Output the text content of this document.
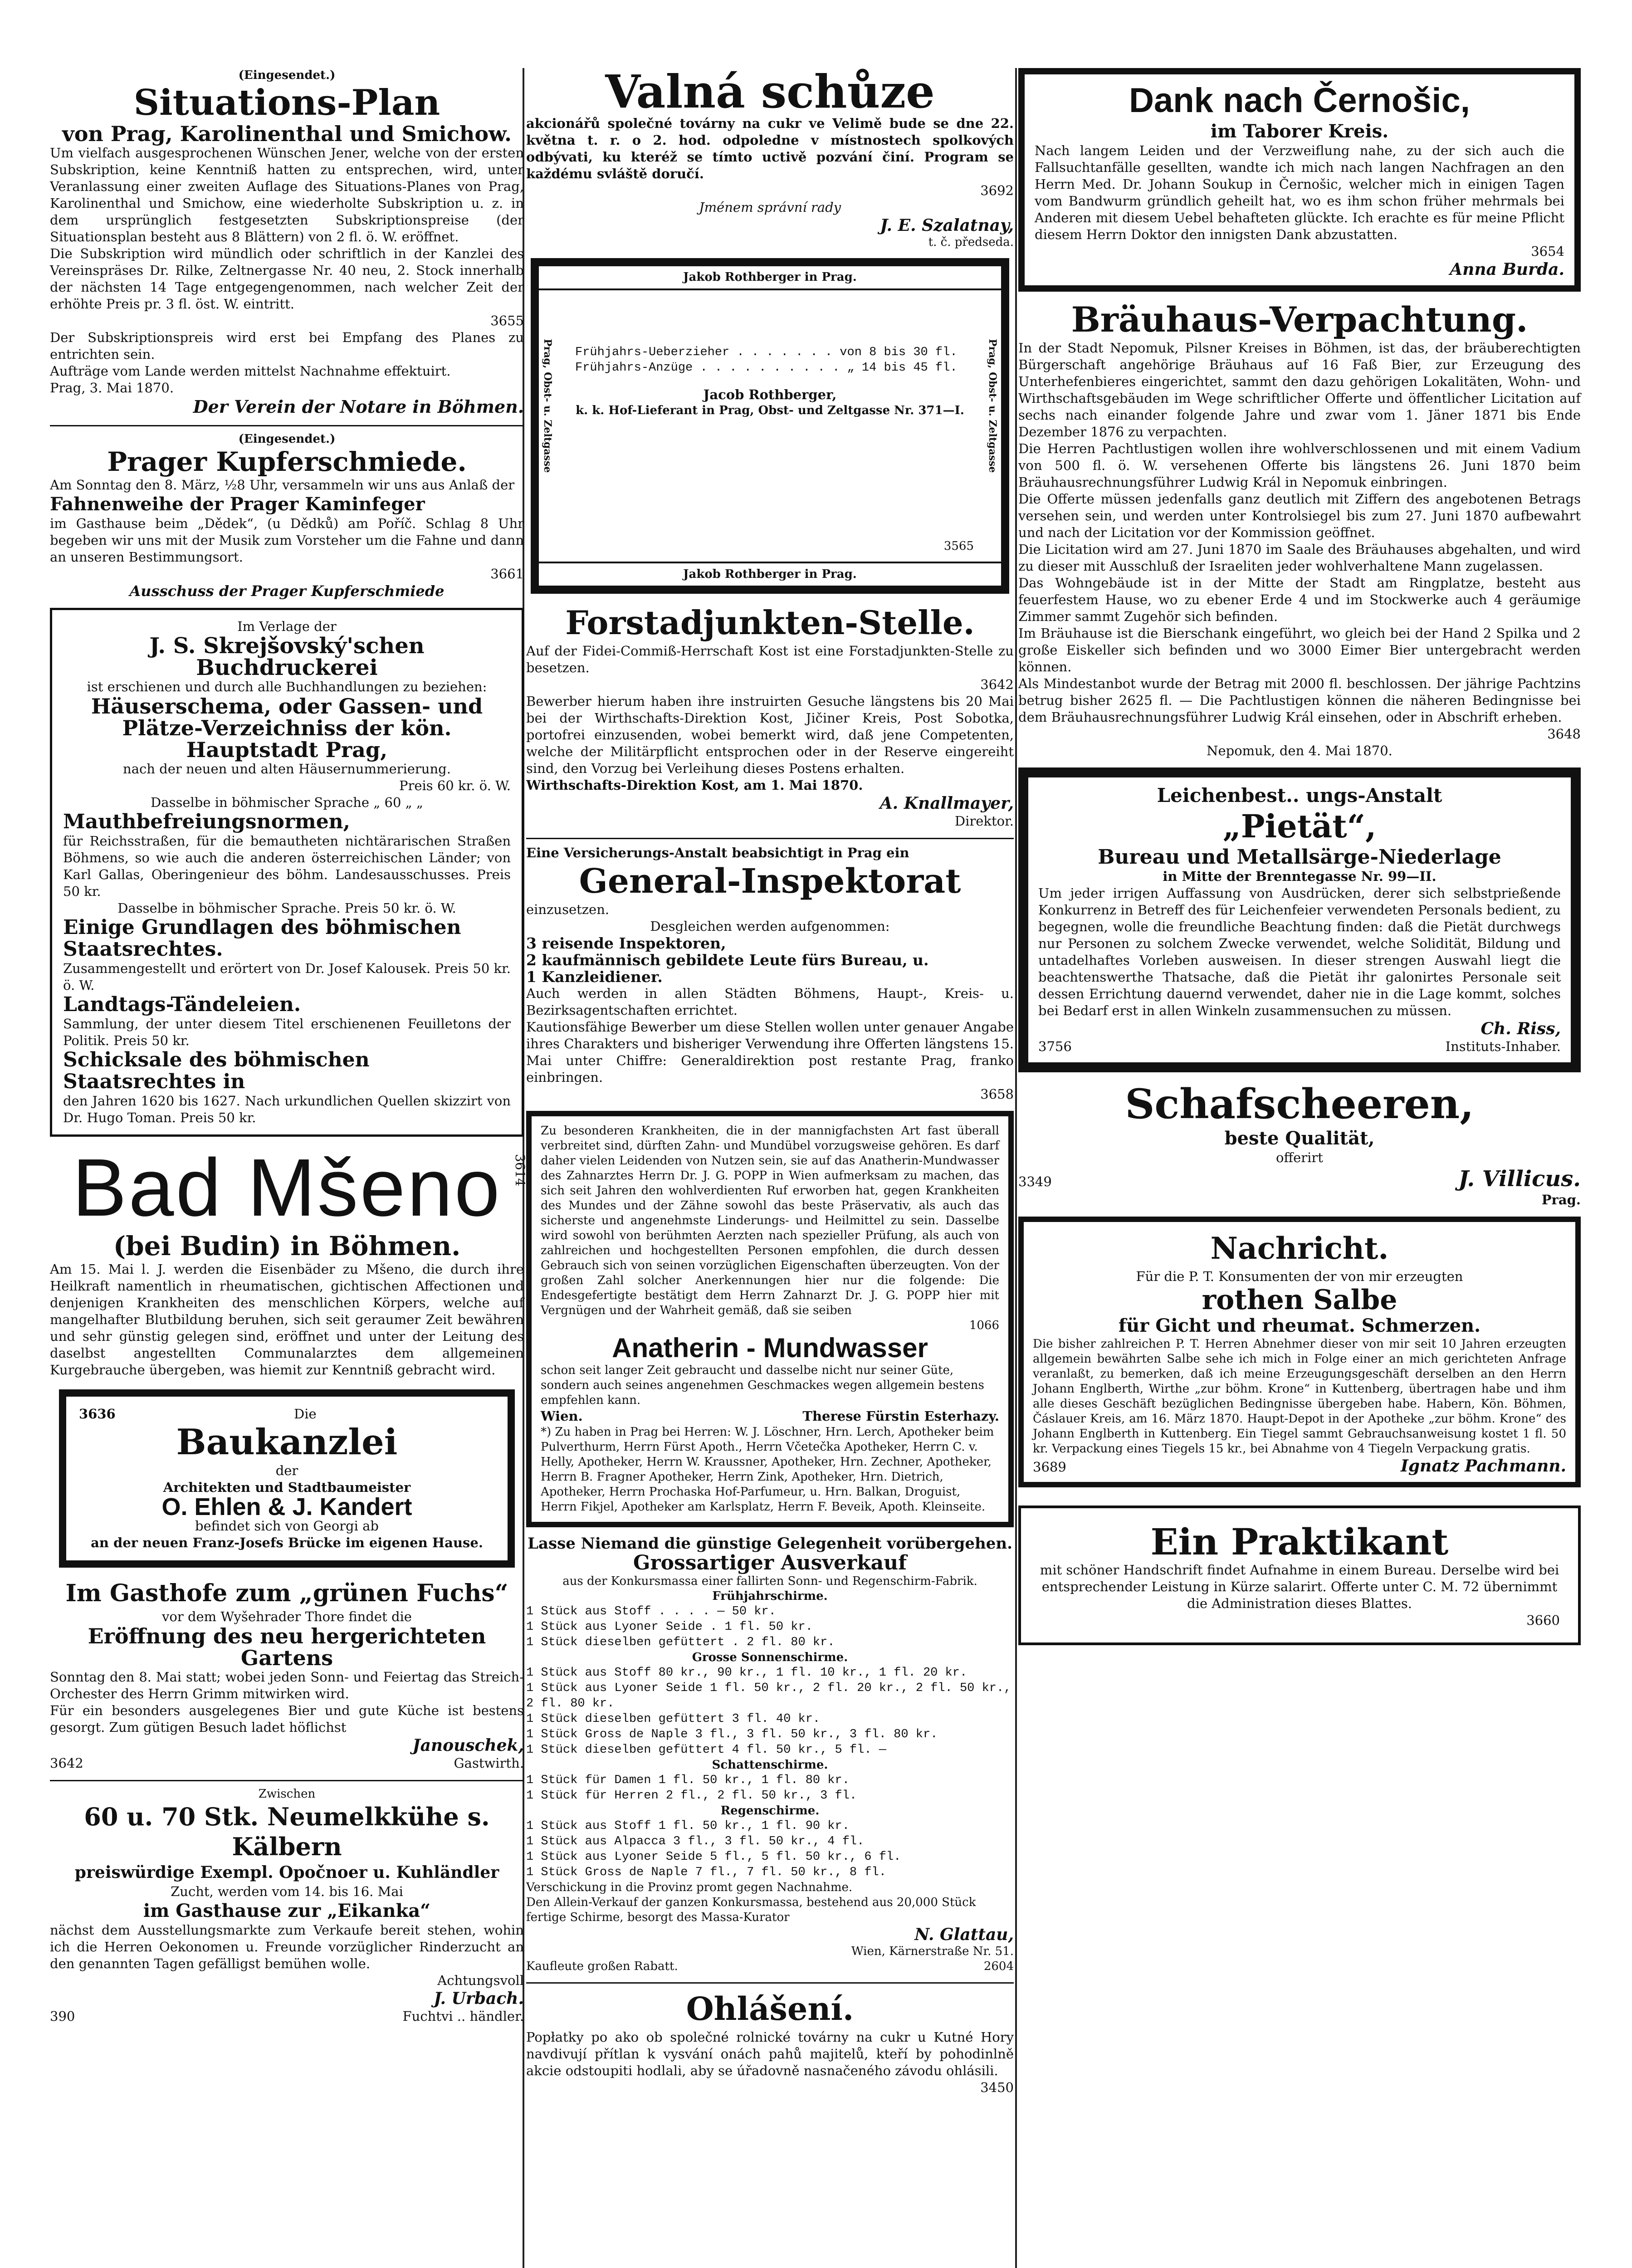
(Eingesendet.)
Situations-Plan
von Prag, Karolinenthal und Smichow.
Um vielfach ausgesprochenen Wünschen Jener, welche von der ersten Subskription, keine Kenntniß hatten zu entsprechen, wird, unter Veranlassung einer zweiten Auflage des Situations-Planes von Prag, Karolinenthal und Smichow, eine wiederholte Subskription u. z. in dem ursprünglich festgesetzten Subskriptionspreise (der Situationsplan besteht aus 8 Blättern) von 2 fl. ö. W. eröffnet.
Die Subskription wird mündlich oder schriftlich in der Kanzlei des Vereinspräses Dr. Rilke, Zeltnergasse Nr. 40 neu, 2. Stock innerhalb der nächsten 14 Tage entgegengenommen, nach welcher Zeit der erhöhte Preis pr. 3 fl. öst. W. eintritt.
3655
Der Subskriptionspreis wird erst bei Empfang des Planes zu entrichten sein.
Aufträge vom Lande werden mittelst Nachnahme effektuirt.
Prag, 3. Mai 1870.
Der Verein der Notare in Böhmen.
(Eingesendet.)
Prager Kupferschmiede.
Am Sonntag den 8. März, ½8 Uhr, versammeln wir uns aus Anlaß der
Fahnenweihe der Prager Kaminfeger
im Gasthause beim „Dědek“, (u Dědků) am Poříč. Schlag 8 Uhr begeben wir uns mit der Musik zum Vorsteher um die Fahne und dann an unseren Bestimmungsort.
3661
Ausschuss der Prager Kupferschmiede
Im Verlage der
J. S. Skrejšovský'schen Buchdruckerei
ist erschienen und durch alle Buchhandlungen zu beziehen:
Häuserschema, oder Gassen- und Plätze-Verzeichniss der kön. Hauptstadt Prag,
nach der neuen und alten Häusernummerierung.
Preis 60 kr. ö. W.
Dasselbe in böhmischer Sprache „ 60 „ „
Mauthbefreiungsnormen,
für Reichsstraßen, für die bemautheten nichtärarischen Straßen Böhmens, so wie auch die anderen österreichischen Länder; von Karl Gallas, Oberingenieur des böhm. Landesausschusses. Preis 50 kr.
Dasselbe in böhmischer Sprache. Preis 50 kr. ö. W.
Einige Grundlagen des böhmischen Staatsrechtes.
Zusammengestellt und erörtert von Dr. Josef Kalousek. Preis 50 kr. ö. W.
Landtags-Tändeleien.
Sammlung, der unter diesem Titel erschienenen Feuilletons der Politik. Preis 50 kr.
Schicksale des böhmischen Staatsrechtes in
den Jahren 1620 bis 1627. Nach urkundlichen Quellen skizzirt von Dr. Hugo Toman. Preis 50 kr.
Bad Mšeno 3614
(bei Budin) in Böhmen.
Am 15. Mai l. J. werden die Eisenbäder zu Mšeno, die durch ihre Heilkraft namentlich in rheumatischen, gichtischen Affectionen und denjenigen Krankheiten des menschlichen Körpers, welche auf mangelhafter Blutbildung beruhen, sich seit geraumer Zeit bewähren und sehr günstig gelegen sind, eröffnet und unter der Leitung des daselbst angestellten Communalarztes dem allgemeinen Kurgebrauche übergeben, was hiemit zur Kenntniß gebracht wird.
3636	Die
Baukanzlei
der
Architekten und Stadtbaumeister
O. Ehlen & J. Kandert
befindet sich von Georgi ab
an der neuen Franz-Josefs Brücke im eigenen Hause.
Im Gasthofe zum „grünen Fuchs“
vor dem Wyšehrader Thore findet die
Eröffnung des neu hergerichteten Gartens
Sonntag den 8. Mai statt; wobei jeden Sonn- und Feiertag das Streich-Orchester des Herrn Grimm mitwirken wird.
Für ein besonders ausgelegenes Bier und gute Küche ist bestens gesorgt. Zum gütigen Besuch ladet höflichst
Janouschek,
3642	Gastwirth.
Zwischen
60 u. 70 Stk. Neumelkkühe s. Kälbern
preiswürdige Exempl. Opočnoer u. Kuhländler
Zucht, werden vom 14. bis 16. Mai
im Gasthause zur „Eikanka“
nächst dem Ausstellungsmarkte zum Verkaufe bereit stehen, wohin ich die Herren Oekonomen u. Freunde vorzüglicher Rinderzucht an den genannten Tagen gefälligst bemühen wolle.
Achtungsvoll
J. Urbach.
390	Fuchtvi .. händler.
Valná schůze
akcionářů společné továrny na cukr ve Velimě bude se dne 22. května t. r. o 2. hod. odpoledne v místnostech spolkových odbývati, ku kteréž se tímto uctivě pozvání činí. Program se každému svláště doručí.
3692
Jménem správní rady
J. E. Szalatnay,
t. č. předseda.
Jakob Rothberger in Prag.
Prag, Obst- u. Zeltgasse	Prag, Obst- u. Zeltgasse
Frühjahrs-Ueberzieher . . . . . . . von 8 bis 30 fl.
Frühjahrs-Anzüge . . . . . . . . . . „ 14 bis 45 fl.
Jacob Rothberger,
k. k. Hof-Lieferant in Prag, Obst- und Zeltgasse Nr. 371—I.
3565
Jakob Rothberger in Prag.
Forstadjunkten-Stelle.
Auf der Fidei-Commiß-Herrschaft Kost ist eine Forstadjunkten-Stelle zu besetzen.
3642
Bewerber hierum haben ihre instruirten Gesuche längstens bis 20 Mai bei der Wirthschafts-Direktion Kost, Jičiner Kreis, Post Sobotka, portofrei einzusenden, wobei bemerkt wird, daß jene Competenten, welche der Militärpflicht entsprochen oder in der Reserve eingereiht sind, den Vorzug bei Verleihung dieses Postens erhalten.
Wirthschafts-Direktion Kost, am 1. Mai 1870.
A. Knallmayer,
Direktor.
Eine Versicherungs-Anstalt beabsichtigt in Prag ein
General-Inspektorat
einzusetzen.
Desgleichen werden aufgenommen:
3 reisende Inspektoren,
2 kaufmännisch gebildete Leute fürs Bureau, u.
1 Kanzleidiener.
Auch werden in allen Städten Böhmens, Haupt-, Kreis- u. Bezirksagentschaften errichtet.
Kautionsfähige Bewerber um diese Stellen wollen unter genauer Angabe ihres Charakters und bisheriger Verwendung ihre Offerten längstens 15. Mai unter Chiffre: Generaldirektion post restante Prag, franko einbringen.
3658
Zu besonderen Krankheiten, die in der mannigfachsten Art fast überall verbreitet sind, dürften Zahn- und Mundübel vorzugsweise gehören. Es darf daher vielen Leidenden von Nutzen sein, sie auf das Anatherin-Mundwasser des Zahnarztes Herrn Dr. J. G. POPP in Wien aufmerksam zu machen, das sich seit Jahren den wohlverdienten Ruf erworben hat, gegen Krankheiten des Mundes und der Zähne sowohl das beste Präservativ, als auch das sicherste und angenehmste Linderungs- und Heilmittel zu sein. Dasselbe wird sowohl von berühmten Aerzten nach spezieller Prüfung, als auch von zahlreichen und hochgestellten Personen empfohlen, die durch dessen Gebrauch sich von seinen vorzüglichen Eigenschaften überzeugten. Von der großen Zahl solcher Anerkennungen hier nur die folgende: Die Endesgefertigte bestätigt dem Herrn Zahnarzt Dr. J. G. POPP hier mit Vergnügen und der Wahrheit gemäß, daß sie seiben
1066
Anatherin - Mundwasser
schon seit langer Zeit gebraucht und dasselbe nicht nur seiner Güte, sondern auch seines angenehmen Geschmackes wegen allgemein bestens empfehlen kann.
Wien.	Therese Fürstin Esterhazy.
*) Zu haben in Prag bei Herren: W. J. Löschner, Hrn. Lerch, Apotheker beim Pulverthurm, Herrn Fürst Apoth., Herrn Včetečka Apotheker, Herrn C. v. Helly, Apotheker, Herrn W. Kraussner, Apotheker, Hrn. Zechner, Apotheker, Herrn B. Fragner Apotheker, Herrn Zink, Apotheker, Hrn. Dietrich, Apotheker, Herrn Prochaska Hof-Parfumeur, u. Hrn. Balkan, Droguist, Herrn Fikjel, Apotheker am Karlsplatz, Herrn F. Beveik, Apoth. Kleinseite.
Lasse Niemand die günstige Gelegenheit vorübergehen.
Grossartiger Ausverkauf
aus der Konkursmassa einer fallirten Sonn- und Regenschirm-Fabrik.
Frühjahrschirme.
1 Stück aus Stoff . . . . — 50 kr.
1 Stück aus Lyoner Seide . 1 fl. 50 kr.
1 Stück dieselben gefüttert . 2 fl. 80 kr.
Grosse Sonnenschirme.
1 Stück aus Stoff 80 kr., 90 kr., 1 fl. 10 kr., 1 fl. 20 kr.
1 Stück aus Lyoner Seide 1 fl. 50 kr., 2 fl. 20 kr., 2 fl. 50 kr., 2 fl. 80 kr.
1 Stück dieselben gefüttert 3 fl. 40 kr.
1 Stück Gross de Naple 3 fl., 3 fl. 50 kr., 3 fl. 80 kr.
1 Stück dieselben gefüttert 4 fl. 50 kr., 5 fl. —
Schattenschirme.
1 Stück für Damen 1 fl. 50 kr., 1 fl. 80 kr.
1 Stück für Herren 2 fl., 2 fl. 50 kr., 3 fl.
Regenschirme.
1 Stück aus Stoff 1 fl. 50 kr., 1 fl. 90 kr.
1 Stück aus Alpacca 3 fl., 3 fl. 50 kr., 4 fl.
1 Stück aus Lyoner Seide 5 fl., 5 fl. 50 kr., 6 fl.
1 Stück Gross de Naple 7 fl., 7 fl. 50 kr., 8 fl.
Verschickung in die Provinz promt gegen Nachnahme.
Den Allein-Verkauf der ganzen Konkursmassa, bestehend aus 20,000 Stück fertige Schirme, besorgt des Massa-Kurator
N. Glattau,
Wien, Kärnerstraße Nr. 51.
Kaufleute großen Rabatt.	2604
Ohlášení.
Popłatky po ako ob společné rolnické továrny na cukr u Kutné Hory navdivují přítlan k vysvání onách pahů majitelů, kteří by pohodinlně akcie odstoupiti hodlali, aby se úřadovně nasnačeného závodu ohlásili.
3450
Dank nach Černošic,
im Taborer Kreis.
Nach langem Leiden und der Verzweiflung nahe, zu der sich auch die Fallsuchtanfälle gesellten, wandte ich mich nach langen Nachfragen an den Herrn Med. Dr. Johann Soukup in Černošic, welcher mich in einigen Tagen vom Bandwurm gründlich geheilt hat, wo es ihm schon früher mehrmals bei Anderen mit diesem Uebel behafteten glückte. Ich erachte es für meine Pflicht diesem Herrn Doktor den innigsten Dank abzustatten.
3654
Anna Burda.
Bräuhaus-Verpachtung.
In der Stadt Nepomuk, Pilsner Kreises in Böhmen, ist das, der bräuberechtigten Bürgerschaft angehörige Bräuhaus auf 16 Faß Bier, zur Erzeugung des Unterhefenbieres eingerichtet, sammt den dazu gehörigen Lokalitäten, Wohn- und Wirthschaftsgebäuden im Wege schriftlicher Offerte und öffentlicher Licitation auf sechs nach einander folgende Jahre und zwar vom 1. Jäner 1871 bis Ende Dezember 1876 zu verpachten.
Die Herren Pachtlustigen wollen ihre wohlverschlossenen und mit einem Vadium von 500 fl. ö. W. versehenen Offerte bis längstens 26. Juni 1870 beim Bräuhausrechnungsführer Ludwig Král in Nepomuk einbringen.
Die Offerte müssen jedenfalls ganz deutlich mit Ziffern des angebotenen Betrags versehen sein, und werden unter Kontrolsiegel bis zum 27. Juni 1870 aufbewahrt und nach der Licitation vor der Kommission geöffnet.
Die Licitation wird am 27. Juni 1870 im Saale des Bräuhauses abgehalten, und wird zu dieser mit Ausschluß der Israeliten jeder wohlverhaltene Mann zugelassen.
Das Wohngebäude ist in der Mitte der Stadt am Ringplatze, besteht aus feuerfestem Hause, wo zu ebener Erde 4 und im Stockwerke auch 4 geräumige Zimmer sammt Zugehör sich befinden.
Im Bräuhause ist die Bierschank eingeführt, wo gleich bei der Hand 2 Spilka und 2 große Eiskeller sich befinden und wo 3000 Eimer Bier untergebracht werden können.
Als Mindestanbot wurde der Betrag mit 2000 fl. beschlossen. Der jährige Pachtzins betrug bisher 2625 fl. — Die Pachtlustigen können die näheren Bedingnisse bei dem Bräuhausrechnungsführer Ludwig Král einsehen, oder in Abschrift erheben.
3648
Nepomuk, den 4. Mai 1870.
Leichenbest.. ungs-Anstalt
„Pietät“,
Bureau und Metallsärge-Niederlage
in Mitte der Brenntegasse Nr. 99—II.
Um jeder irrigen Auffassung von Ausdrücken, derer sich selbstprießende Konkurrenz in Betreff des für Leichenfeier verwendeten Personals bedient, zu begegnen, wolle die freundliche Beachtung finden: daß die Pietät durchwegs nur Personen zu solchem Zwecke verwendet, welche Solidität, Bildung und untadelhaftes Vorleben ausweisen. In dieser strengen Auswahl liegt die beachtenswerthe Thatsache, daß die Pietät ihr galonirtes Personale seit dessen Errichtung dauernd verwendet, daher nie in die Lage kommt, solches bei Bedarf erst in allen Winkeln zusammensuchen zu müssen.
Ch. Riss,
3756	Instituts-Inhaber.
Schafscheeren,
beste Qualität,
offerirt
3349	J. Villicus.
Prag.
Nachricht.
Für die P. T. Konsumenten der von mir erzeugten
rothen Salbe
für Gicht und rheumat. Schmerzen.
Die bisher zahlreichen P. T. Herren Abnehmer dieser von mir seit 10 Jahren erzeugten allgemein bewährten Salbe sehe ich mich in Folge einer an mich gerichteten Anfrage veranlaßt, zu bemerken, daß ich meine Erzeugungsgeschäft derselben an den Herrn Johann Englberth, Wirthe „zur böhm. Krone“ in Kuttenberg, übertragen habe und ihm alle dieses Geschäft bezüglichen Bedingnisse übergeben habe. Habern, Kön. Böhmen, Čáslauer Kreis, am 16. März 1870. Haupt-Depot in der Apotheke „zur böhm. Krone“ des Johann Englberth in Kuttenberg. Ein Tiegel sammt Gebrauchsanweisung kostet 1 fl. 50 kr. Verpackung eines Tiegels 15 kr., bei Abnahme von 4 Tiegeln Verpackung gratis.
3689	Ignatz Pachmann.
Ein Praktikant
mit schöner Handschrift findet Aufnahme in einem Bureau. Derselbe wird bei entsprechender Leistung in Kürze salarirt. Offerte unter C. M. 72 übernimmt die Administration dieses Blattes.
3660
